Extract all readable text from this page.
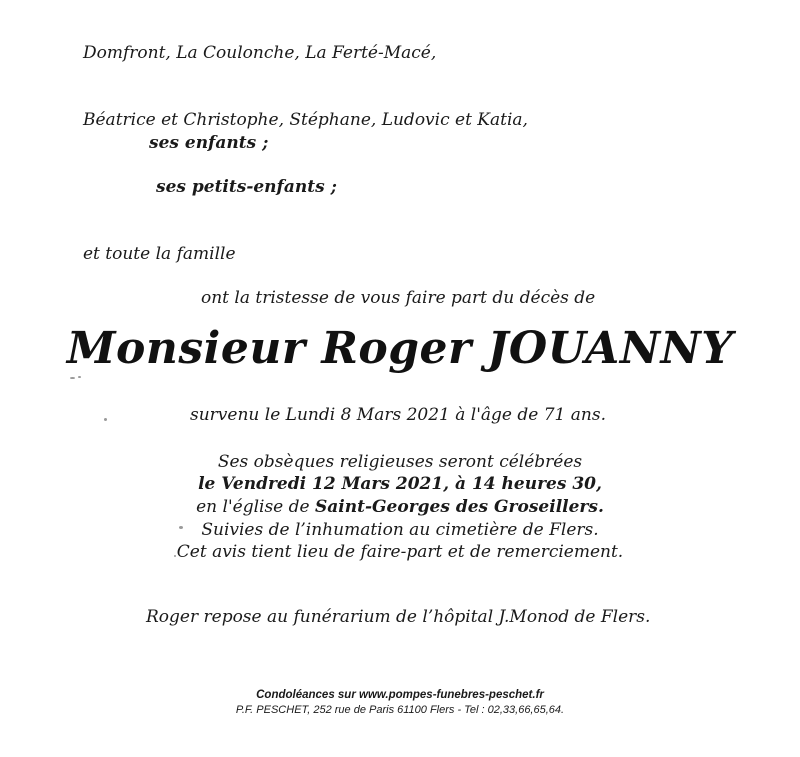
Domfront, La Coulonche, La Ferté-Macé,
Béatrice et Christophe, Stéphane, Ludovic et Katia,
ses enfants ;
ses petits-enfants ;
et toute la famille
ont la tristesse de vous faire part du décès de
Monsieur Roger JOUANNY
survenu le Lundi 8 Mars 2021 à l'âge de 71 ans.
Ses obsèques religieuses seront célébrées
le Vendredi 12 Mars 2021, à 14 heures 30,
en l'église de Saint-Georges des Groseillers.
Suivies de l’inhumation au cimetière de Flers.
Cet avis tient lieu de faire-part et de remerciement.
Roger repose au funérarium de l’hôpital J.Monod de Flers.
Condoléances sur www.pompes-funebres-peschet.fr
P.F. PESCHET, 252 rue de Paris 61100 Flers - Tel : 02,33,66,65,64.
